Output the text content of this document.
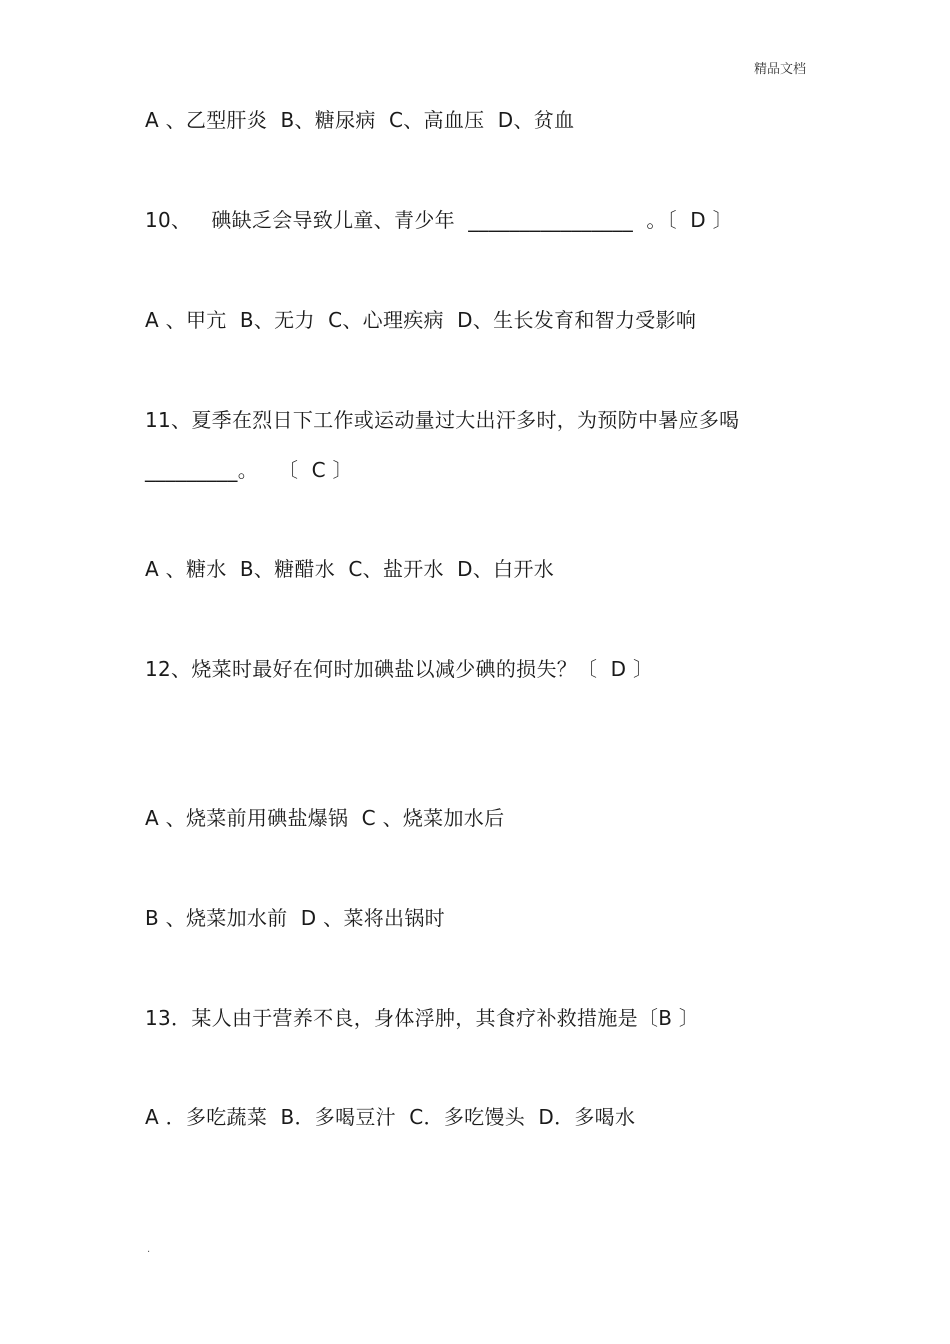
精品文档
A 、乙型肝炎  B、糖尿病  C、高血压  D、贫血
10、   碘缺乏会导致儿童、青少年  ________________  。〔  D 〕
A 、甲亢  B、无力  C、心理疾病  D、生长发育和智力受影响
11、夏季在烈日下工作或运动量过大出汗多时，为预防中暑应多喝
_________。   〔  C 〕
A 、糖水  B、糖醋水  C、盐开水  D、白开水
12、烧菜时最好在何时加碘盐以减少碘的损失？〔  D 〕
A 、烧菜前用碘盐爆锅  C 、烧菜加水后
B 、烧菜加水前  D 、菜将出锅时
13．某人由于营养不良，身体浮肿，其食疗补救措施是〔B 〕
A ．多吃蔬菜  B．多喝豆汁  C．多吃馒头  D．多喝水
.
